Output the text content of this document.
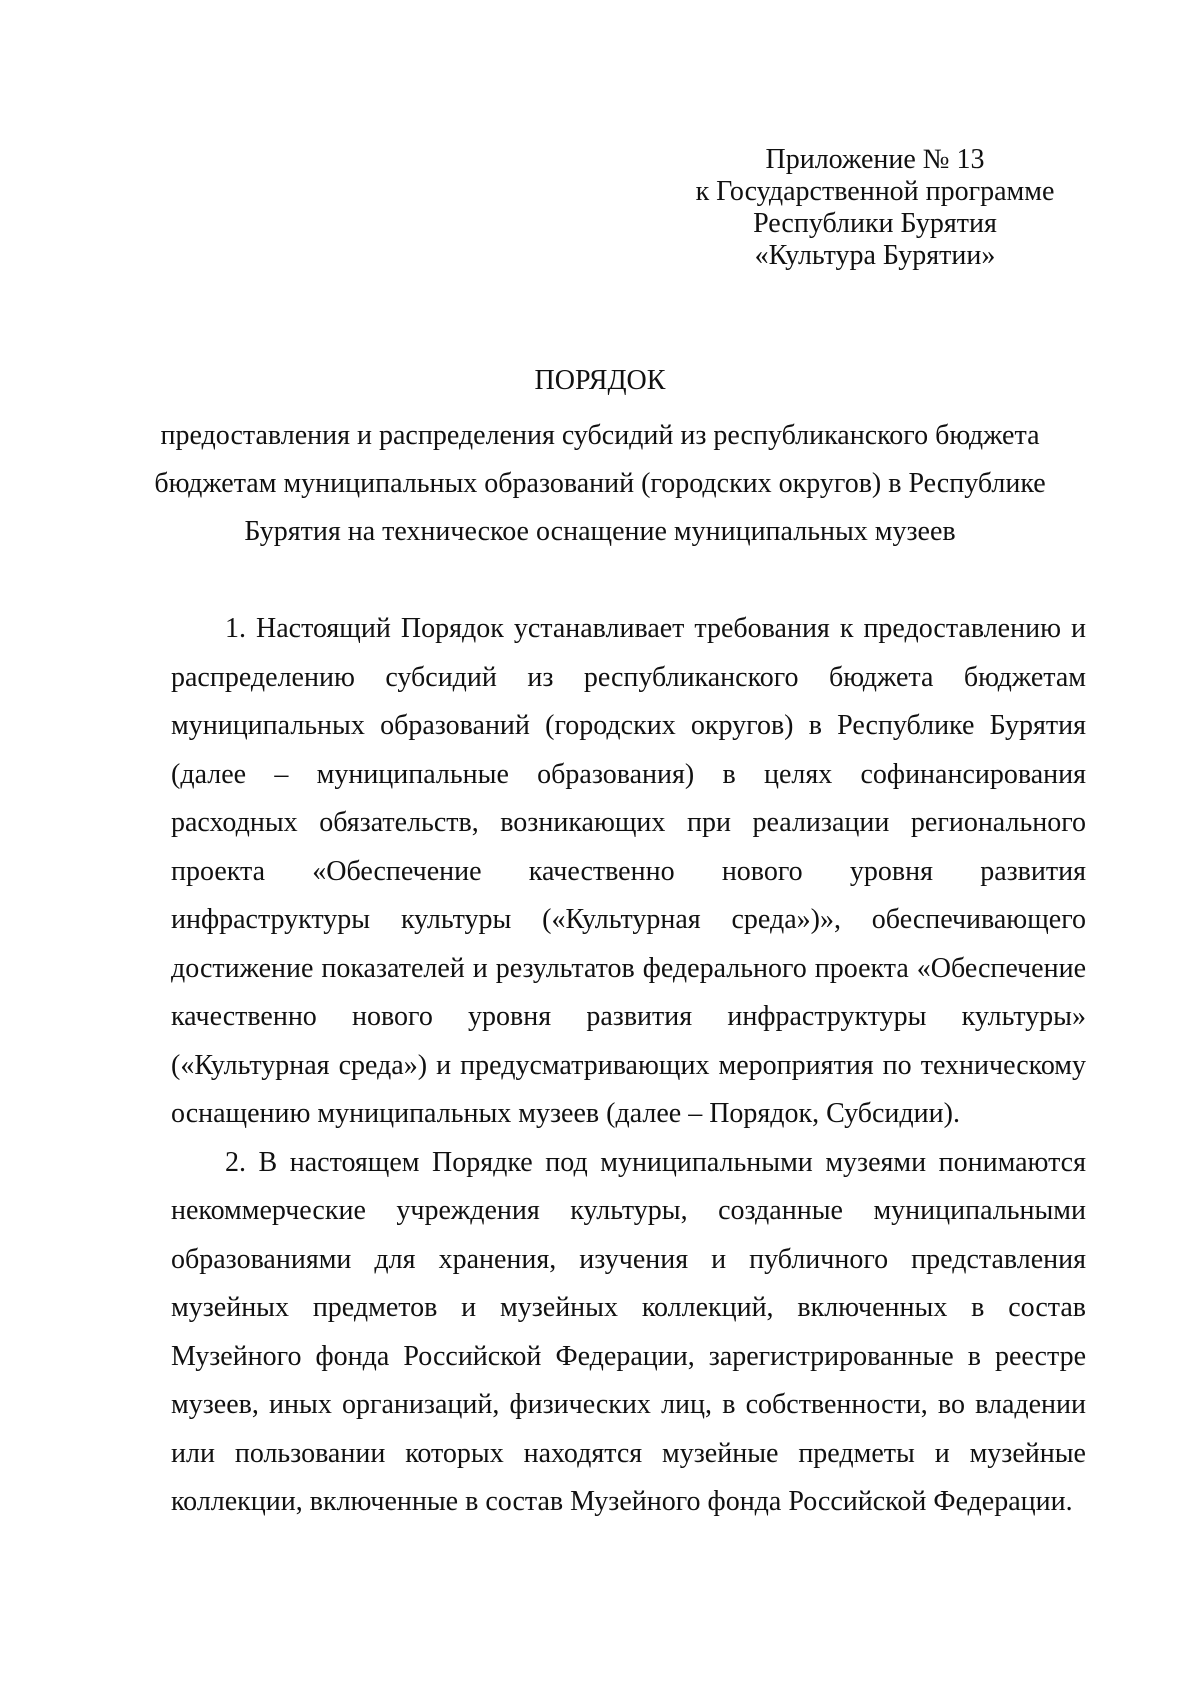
Приложение № 13
к Государственной программе
Республики Бурятия
«Культура Бурятии»
ПОРЯДОК
предоставления и распределения субсидий из республиканского бюджета
бюджетам муниципальных образований (городских округов) в Республике
Бурятия на техническое оснащение муниципальных музеев

1. Настоящий Порядок устанавливает требования к предоставлению и распределению субсидий из республиканского бюджета бюджетам муниципальных образований (городских округов) в Республике Бурятия (далее – муниципальные образования) в целях софинансирования расходных обязательств, возникающих при реализации регионального проекта «Обеспечение качественно нового уровня развития инфраструктуры культуры («Культурная среда»)», обеспечивающего достижение показателей и результатов федерального проекта «Обеспечение качественно нового уровня развития инфраструктуры культуры» («Культурная среда») и предусматривающих мероприятия по техническому оснащению муниципальных музеев (далее – Порядок, Субсидии).

2. В настоящем Порядке под муниципальными музеями понимаются некоммерческие учреждения культуры, созданные муниципальными образованиями для хранения, изучения и публичного представления музейных предметов и музейных коллекций, включенных в состав Музейного фонда Российской Федерации, зарегистрированные в реестре музеев, иных организаций, физических лиц, в собственности, во владении или пользовании которых находятся музейные предметы и музейные коллекции, включенные в состав Музейного фонда Российской Федерации.
